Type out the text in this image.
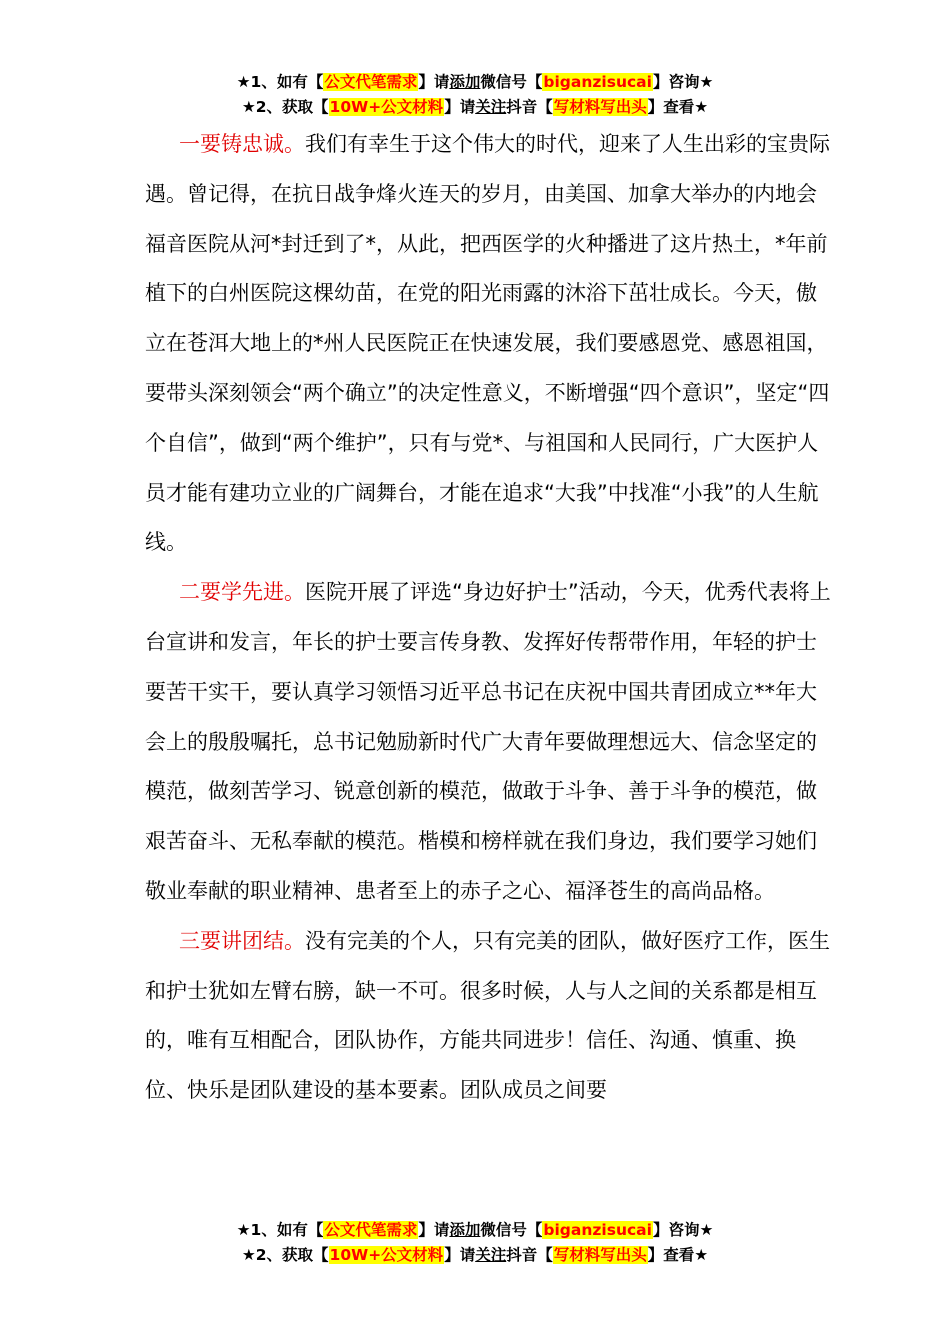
★1、如有【公文代笔需求】请添加微信号【biganzisucai】咨询★
★2、获取【10W+公文材料】请关注抖音【写材料写出头】查看★

一要铸忠诚。我们有幸生于这个伟大的时代，迎来了人生出彩的宝贵际遇。曾记得，在抗日战争烽火连天的岁月，由美国、加拿大举办的内地会福音医院从河*封迁到了*，从此，把西医学的火种播进了这片热土，*年前植下的白州医院这棵幼苗，在党的阳光雨露的沐浴下茁壮成长。今天，傲立在苍洱大地上的*州人民医院正在快速发展，我们要感恩党、感恩祖国，要带头深刻领会“两个确立”的决定性意义，不断增强“四个意识”，坚定“四个自信”，做到“两个维护”，只有与党*、与祖国和人民同行，广大医护人员才能有建功立业的广阔舞台，才能在追求“大我”中找准“小我”的人生航线。

二要学先进。医院开展了评选“身边好护士”活动，今天，优秀代表将上台宣讲和发言，年长的护士要言传身教、发挥好传帮带作用，年轻的护士要苦干实干，要认真学习领悟习近平总书记在庆祝中国共青团成立**年大会上的殷殷嘱托，总书记勉励新时代广大青年要做理想远大、信念坚定的模范，做刻苦学习、锐意创新的模范，做敢于斗争、善于斗争的模范，做艰苦奋斗、无私奉献的模范。楷模和榜样就在我们身边，我们要学习她们敬业奉献的职业精神、患者至上的赤子之心、福泽苍生的高尚品格。

三要讲团结。没有完美的个人，只有完美的团队，做好医疗工作，医生和护士犹如左臂右膀，缺一不可。很多时候，人与人之间的关系都是相互的，唯有互相配合，团队协作，方能共同进步！信任、沟通、慎重、换位、快乐是团队建设的基本要素。团队成员之间要

★1、如有【公文代笔需求】请添加微信号【biganzisucai】咨询★
★2、获取【10W+公文材料】请关注抖音【写材料写出头】查看★
